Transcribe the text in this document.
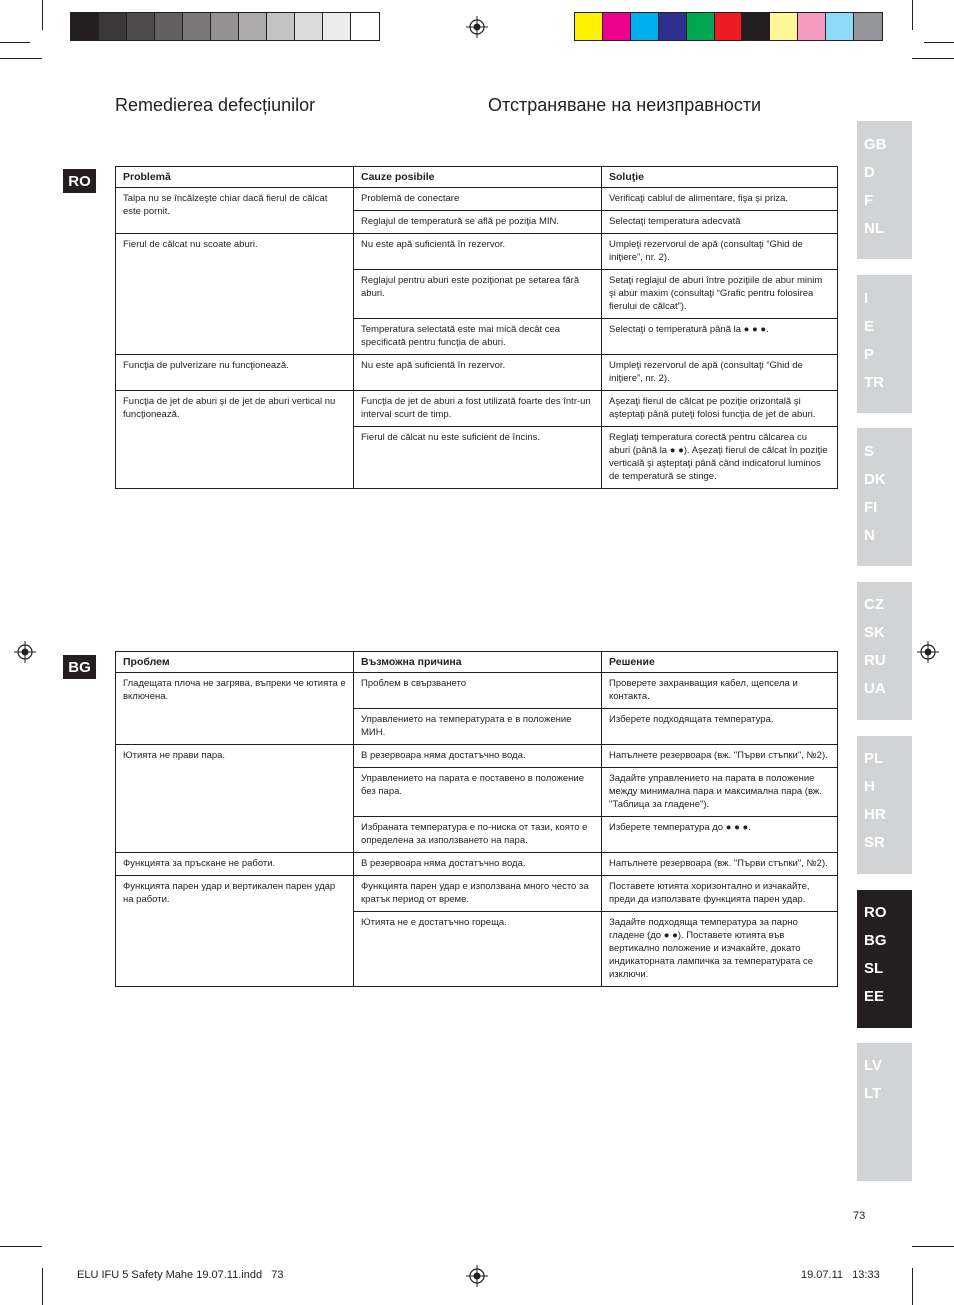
Remedierea defecțiunilor	Отстраняване на неизправности
RO	Problemă	Cauze posibile	Soluţie
Talpa nu se încălzeşte chiar dacă fierul de călcat este pornit.	Problemă de conectare	Verificaţi cablul de alimentare, fişa şi priza.
	Reglajul de temperatură se află pe poziţia MIN.	Selectaţi temperatura adecvată
Fierul de călcat nu scoate aburi.	Nu este apă suficientă în rezervor.	Umpleţi rezervorul de apă (consultaţi “Ghid de iniţiere”, nr. 2).
	Reglajul pentru aburi este poziţionat pe setarea fără aburi.	Setaţi reglajul de aburi între poziţiile de abur minim şi abur maxim (consultaţi “Grafic pentru folosirea fierului de călcat”).
	Temperatura selectată este mai mică decât cea specificată pentru funcţia de aburi.	Selectaţi o temperatură până la ● ● ●.
Funcţia de pulverizare nu funcţionează.	Nu este apă suficientă în rezervor.	Umpleţi rezervorul de apă (consultaţi “Ghid de iniţiere”, nr. 2).
Funcţia de jet de aburi şi de jet de aburi vertical nu funcţionează.	Funcţia de jet de aburi a fost utilizată foarte des într-un interval scurt de timp.	Aşezaţi fierul de călcat pe poziţie orizontală şi aşteptaţi până puteţi folosi funcţia de jet de aburi.
	Fierul de călcat nu este suficient de încins.	Reglaţi temperatura corectă pentru călcarea cu aburi (până la ● ●). Aşezaţi fierul de călcat în poziţie verticală şi aşteptaţi până când indicatorul luminos de temperatură se stinge.
BG	Проблем	Възможна причина	Решение
Гладещата плоча не загрява, въпреки че ютията е включена.	Проблем в свързването	Проверете захранващия кабел, щепсела и контакта.
	Управлението на температурата е в положение МИН.	Изберете подходящата температура.
Ютията не прави пара.	В резервоара няма достатъчно вода.	Напълнете резервоара (вж. "Първи стъпки", №2).
	Управлението на парата е поставено в положение без пара.	Задайте управлението на парата в положение между минимална пара и максимална пара (вж. "Таблица за гладене").
	Избраната температура е по-ниска от тази, която е определена за използването на пара.	Изберете температура до ● ● ●.
Функцията за пръскане не работи.	В резервоара няма достатъчно вода.	Напълнете резервоара (вж. "Първи стъпки", №2).
Функцията парен удар и вертикален парен удар на работи.	Функцията парен удар е използвана много често за кратък период от време.	Поставете ютията хоризонтално и изчакайте, преди да използвате функцията парен удар.
	Ютията не е достатъчно гореща.	Задайте подходяща температура за парно гладене (до ● ●). Поставете ютията във вертикално положение и изчакайте, докато индикаторната лампичка за температурата се изключи.
GB
D
F
NL
I
E
P
TR
S
DK
FI
N
CZ
SK
RU
UA
PL
H
HR
SR
RO
BG
SL
EE
LV
LT
73
ELU IFU 5 Safety Mahe 19.07.11.indd   73	19.07.11   13:33
